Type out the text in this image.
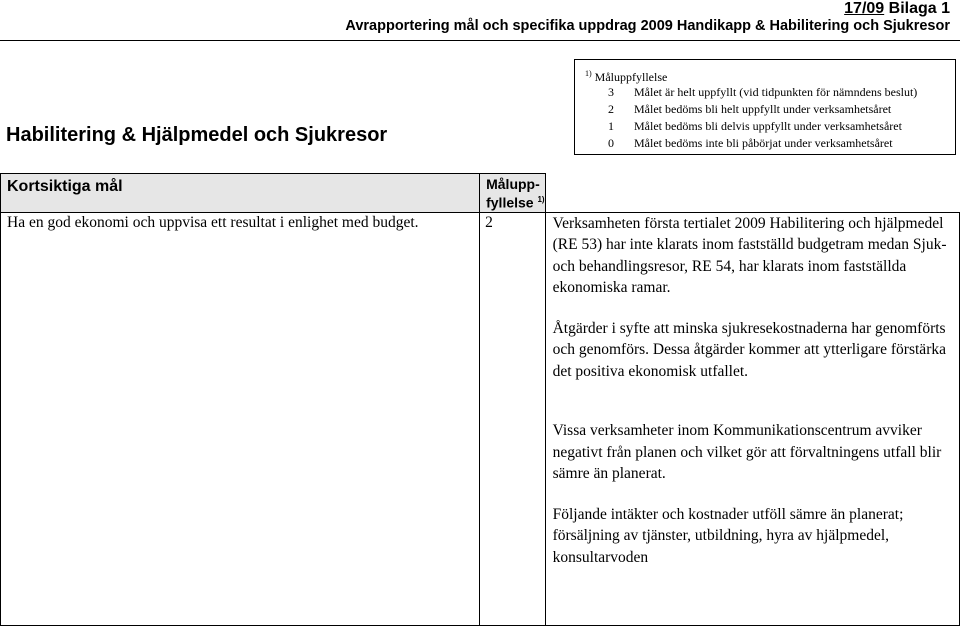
17/09 Bilaga 1
Avrapportering mål och specifika uppdrag 2009 Handikapp & Habilitering och Sjukresor
Habilitering & Hjälpmedel och Sjukresor
$^{1)}$ Måluppfyllelse
3 Målet är helt uppfyllt (vid tidpunkten för nämndens beslut)
2 Målet bedöms bli helt uppfyllt under verksamhetsåret
1 Målet bedöms bli delvis uppfyllt under verksamhetsåret
0 Målet bedöms inte bli påbörjat under verksamhetsåret
Kortsiktiga mål	Målupp-
fyllelse $^{1)}$

Ha en god ekonomi och uppvisa ett resultat i enlighet med budget.	2	Verksamheten första tertialet 2009 Habilitering och hjälpmedel (RE 53) har inte klarats inom fastställd budgetram medan Sjuk- och behandlingsresor, RE 54, har klarats inom fastställda ekonomiska ramar.

Åtgärder i syfte att minska sjukresekostnaderna har genomförts och genomförs. Dessa åtgärder kommer att ytterligare förstärka det positiva ekonomisk utfallet.

Vissa verksamheter inom Kommunikationscentrum avviker negativt från planen och vilket gör att förvaltningens utfall blir sämre än planerat.

Följande intäkter och kostnader utföll sämre än planerat; försäljning av tjänster, utbildning, hyra av hjälpmedel, konsultarvoden
